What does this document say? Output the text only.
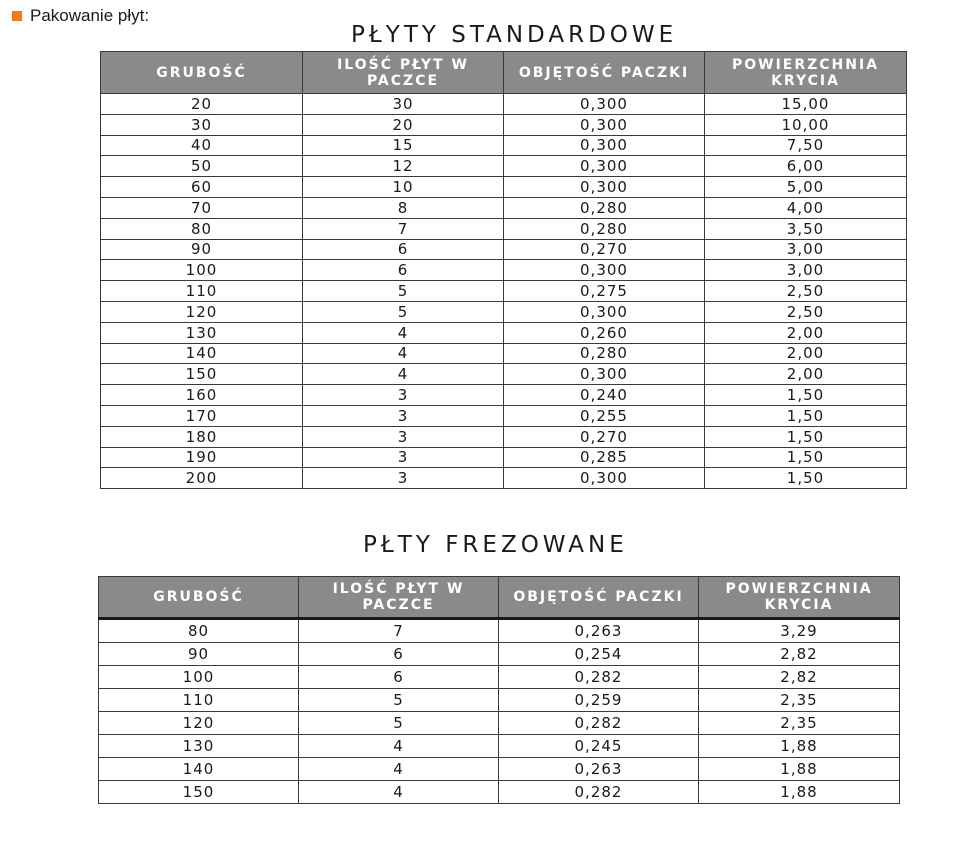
Pakowanie płyt:
PŁYTY STANDARDOWE
GRUBOŚĆ	ILOŚĆ PŁYT W PACZCE	OBJĘTOŚĆ PACZKI	POWIERZCHNIA KRYCIA
20	30	0,300	15,00
30	20	0,300	10,00
40	15	0,300	7,50
50	12	0,300	6,00
60	10	0,300	5,00
70	8	0,280	4,00
80	7	0,280	3,50
90	6	0,270	3,00
100	6	0,300	3,00
110	5	0,275	2,50
120	5	0,300	2,50
130	4	0,260	2,00
140	4	0,280	2,00
150	4	0,300	2,00
160	3	0,240	1,50
170	3	0,255	1,50
180	3	0,270	1,50
190	3	0,285	1,50
200	3	0,300	1,50
PŁTY FREZOWANE
GRUBOŚĆ	ILOŚĆ PŁYT W PACZCE	OBJĘTOŚĆ PACZKI	POWIERZCHNIA KRYCIA
80	7	0,263	3,29
90	6	0,254	2,82
100	6	0,282	2,82
110	5	0,259	2,35
120	5	0,282	2,35
130	4	0,245	1,88
140	4	0,263	1,88
150	4	0,282	1,88
